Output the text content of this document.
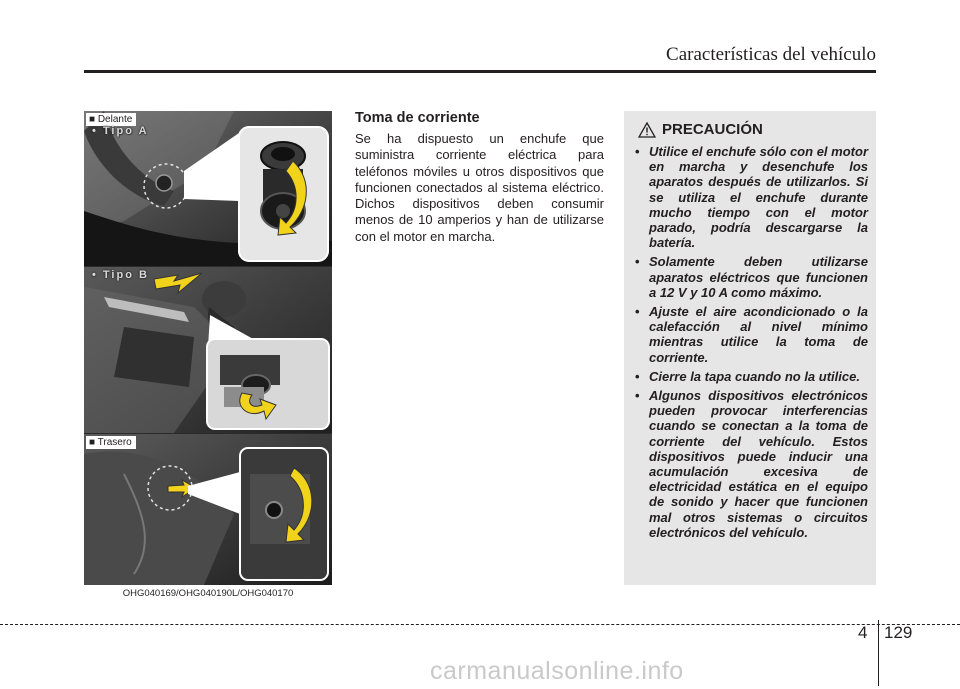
Características del vehículo
■ Delante
• Tipo A
• Tipo B
■ Trasero
OHG040169/OHG040190L/OHG040170
Toma de corriente

Se ha dispuesto un enchufe que suministra corriente eléctrica para teléfonos móviles u otros dispositivos que funcionen conectados al sistema eléctrico. Dichos dispositivos deben consumir menos de 10 amperios y han de utilizarse con el motor en marcha.

PRECAUCIÓN
• Utilice el enchufe sólo con el motor en marcha y desenchufe los aparatos después de utilizarlos. Si se utiliza el enchufe durante mucho tiempo con el motor parado, podría descargarse la batería.
• Solamente deben utilizarse aparatos eléctricos que funcionen a 12 V y 10 A como máximo.
• Ajuste el aire acondicionado o la calefacción al nivel mínimo mientras utilice la toma de corriente.
• Cierre la tapa cuando no la utilice.
• Algunos dispositivos electrónicos pueden provocar interferencias cuando se conectan a la toma de corriente del vehículo. Estos dispositivos puede inducir una acumulación excesiva de electricidad estática en el equipo de sonido y hacer que funcionen mal otros sistemas o circuitos electrónicos del vehículo.
4 129
carmanualsonline.info
